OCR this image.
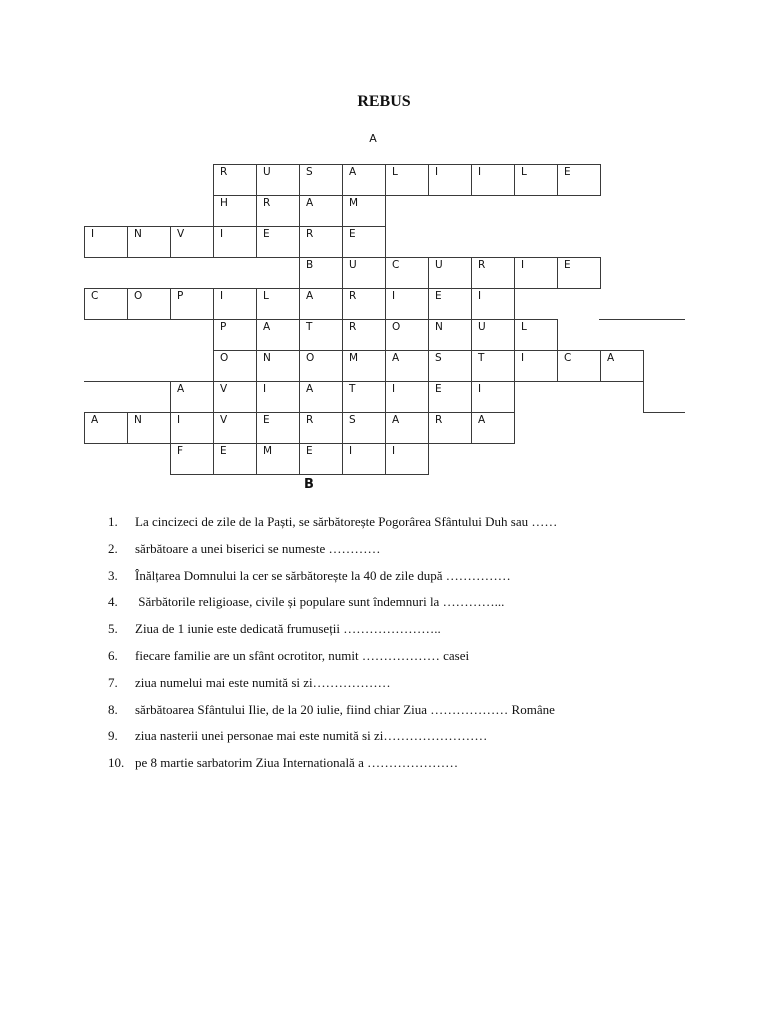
REBUS
A
R	U	S	A	L	I	I	L	E
H	R	A	M
I	N	V	I	E	R	E
B	U	C	U	R	I	E
C	O	P	I	L	A	R	I	E	I
P	A	T	R	O	N	U	L
O	N	O	M	A	S	T	I	C	A
A	V	I	A	T	I	E	I
A	N	I	V	E	R	S	A	R	A
F	E	M	E	I	I
B
1. La cincizeci de zile de la Paști, se sărbătorește Pogorârea Sfântului Duh sau ……
2. sărbătoare a unei biserici se numeste …………
3. Înălțarea Domnului la cer se sărbătorește la 40 de zile după ……………
4. Sărbătorile religioase, civile și populare sunt îndemnuri la …………...
5. Ziua de 1 iunie este dedicată frumuseții …………………..
6. fiecare familie are un sfânt ocrotitor, numit ……………… casei
7. ziua numelui mai este numită si zi………………
8. sărbătoarea Sfântului Ilie, de la 20 iulie, fiind chiar Ziua ……………… Române
9. ziua nasterii unei personae mai este numită si zi……………………
10. pe 8 martie sarbatorim Ziua Internatională a …………………
